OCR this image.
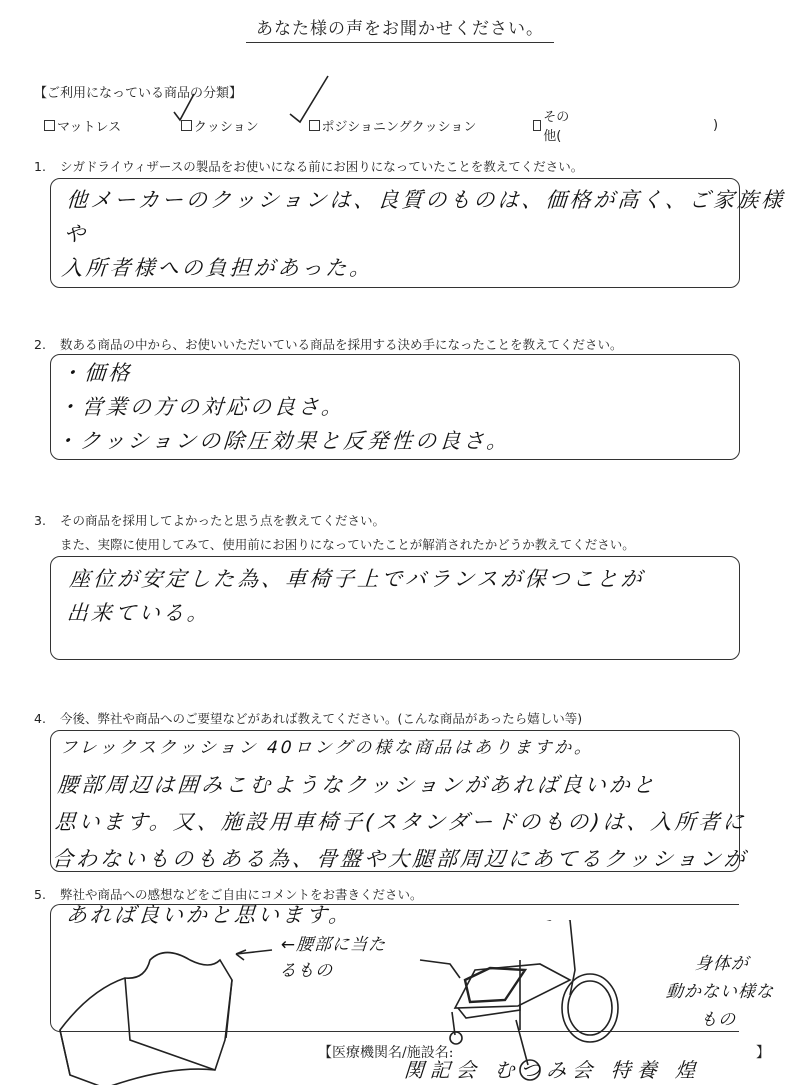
あなた様の声をお聞かせください。
【ご利用になっている商品の分類】
マットレス	クッション	ポジショニングクッション
その他(
)
1. シガドライウィザースの製品をお使いになる前にお困りになっていたことを教えてください。
他メーカーのクッションは、良質のものは、価格が高く、ご家族様や
入所者様への負担があった。
2. 数ある商品の中から、お使いいただいている商品を採用する決め手になったことを教えてください。
・価格
・営業の方の対応の良さ。
・クッションの除圧効果と反発性の良さ。
3. その商品を採用してよかったと思う点を教えてください。
また、実際に使用してみて、使用前にお困りになっていたことが解消されたかどうか教えてください。
座位が安定した為、車椅子上でバランスが保つことが
出来ている。
4. 今後、弊社や商品へのご要望などがあれば教えてください。(こんな商品があったら嬉しい等)
フレックスクッション 40ロングの様な商品はありますか。
腰部周辺は囲みこむようなクッションがあれば良いかと
思います。又、施設用車椅子(スタンダードのもの)は、入所者に
合わないものもある為、骨盤や大腿部周辺にあてるクッションが
5. 弊社や商品への感想などをご自由にコメントをお書きください。
あれば良いかと思います。
←腰部に当たるもの	身体が
動かない様な
もの
【医療機関名/施設名:	】
関記会 むつみ会 特養 煌
